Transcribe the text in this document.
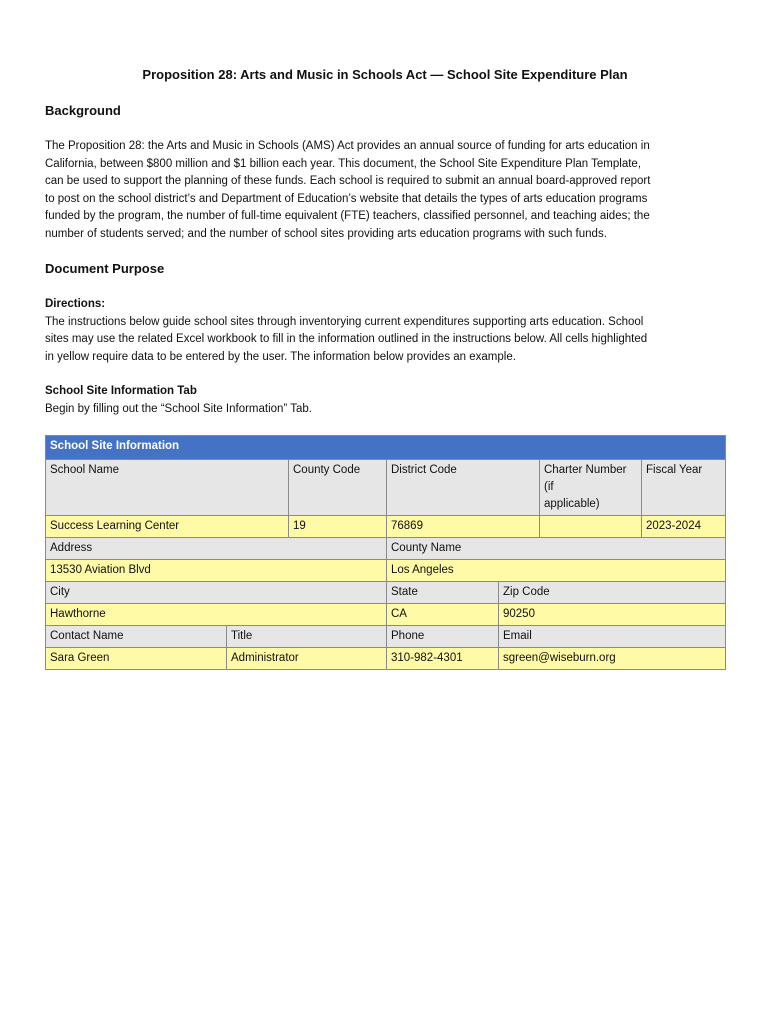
Proposition 28: Arts and Music in Schools Act — School Site Expenditure Plan
Background
The Proposition 28: the Arts and Music in Schools (AMS) Act provides an annual source of funding for arts education in
California, between $800 million and $1 billion each year. This document, the School Site Expenditure Plan Template,
can be used to support the planning of these funds. Each school is required to submit an annual board-approved report
to post on the school district’s and Department of Education’s website that details the types of arts education programs
funded by the program, the number of full-time equivalent (FTE) teachers, classified personnel, and teaching aides; the
number of students served; and the number of school sites providing arts education programs with such funds.
Document Purpose
Directions:
The instructions below guide school sites through inventorying current expenditures supporting arts education. School
sites may use the related Excel workbook to fill in the information outlined in the instructions below. All cells highlighted
in yellow require data to be entered by the user. The information below provides an example.
School Site Information Tab
Begin by filling out the “School Site Information” Tab.
School Site Information						
School Name		County Code	District Code		Charter Number (if
applicable)	Fiscal Year
Success Learning Center		19	76869			2023-2024
Address			County Name			
13530 Aviation Blvd			Los Angeles			
City			State	Zip Code		
Hawthorne			CA	90250		
Contact Name	Title		Phone	Email		
Sara Green	Administrator		310-982-4301	sgreen@wiseburn.org		
